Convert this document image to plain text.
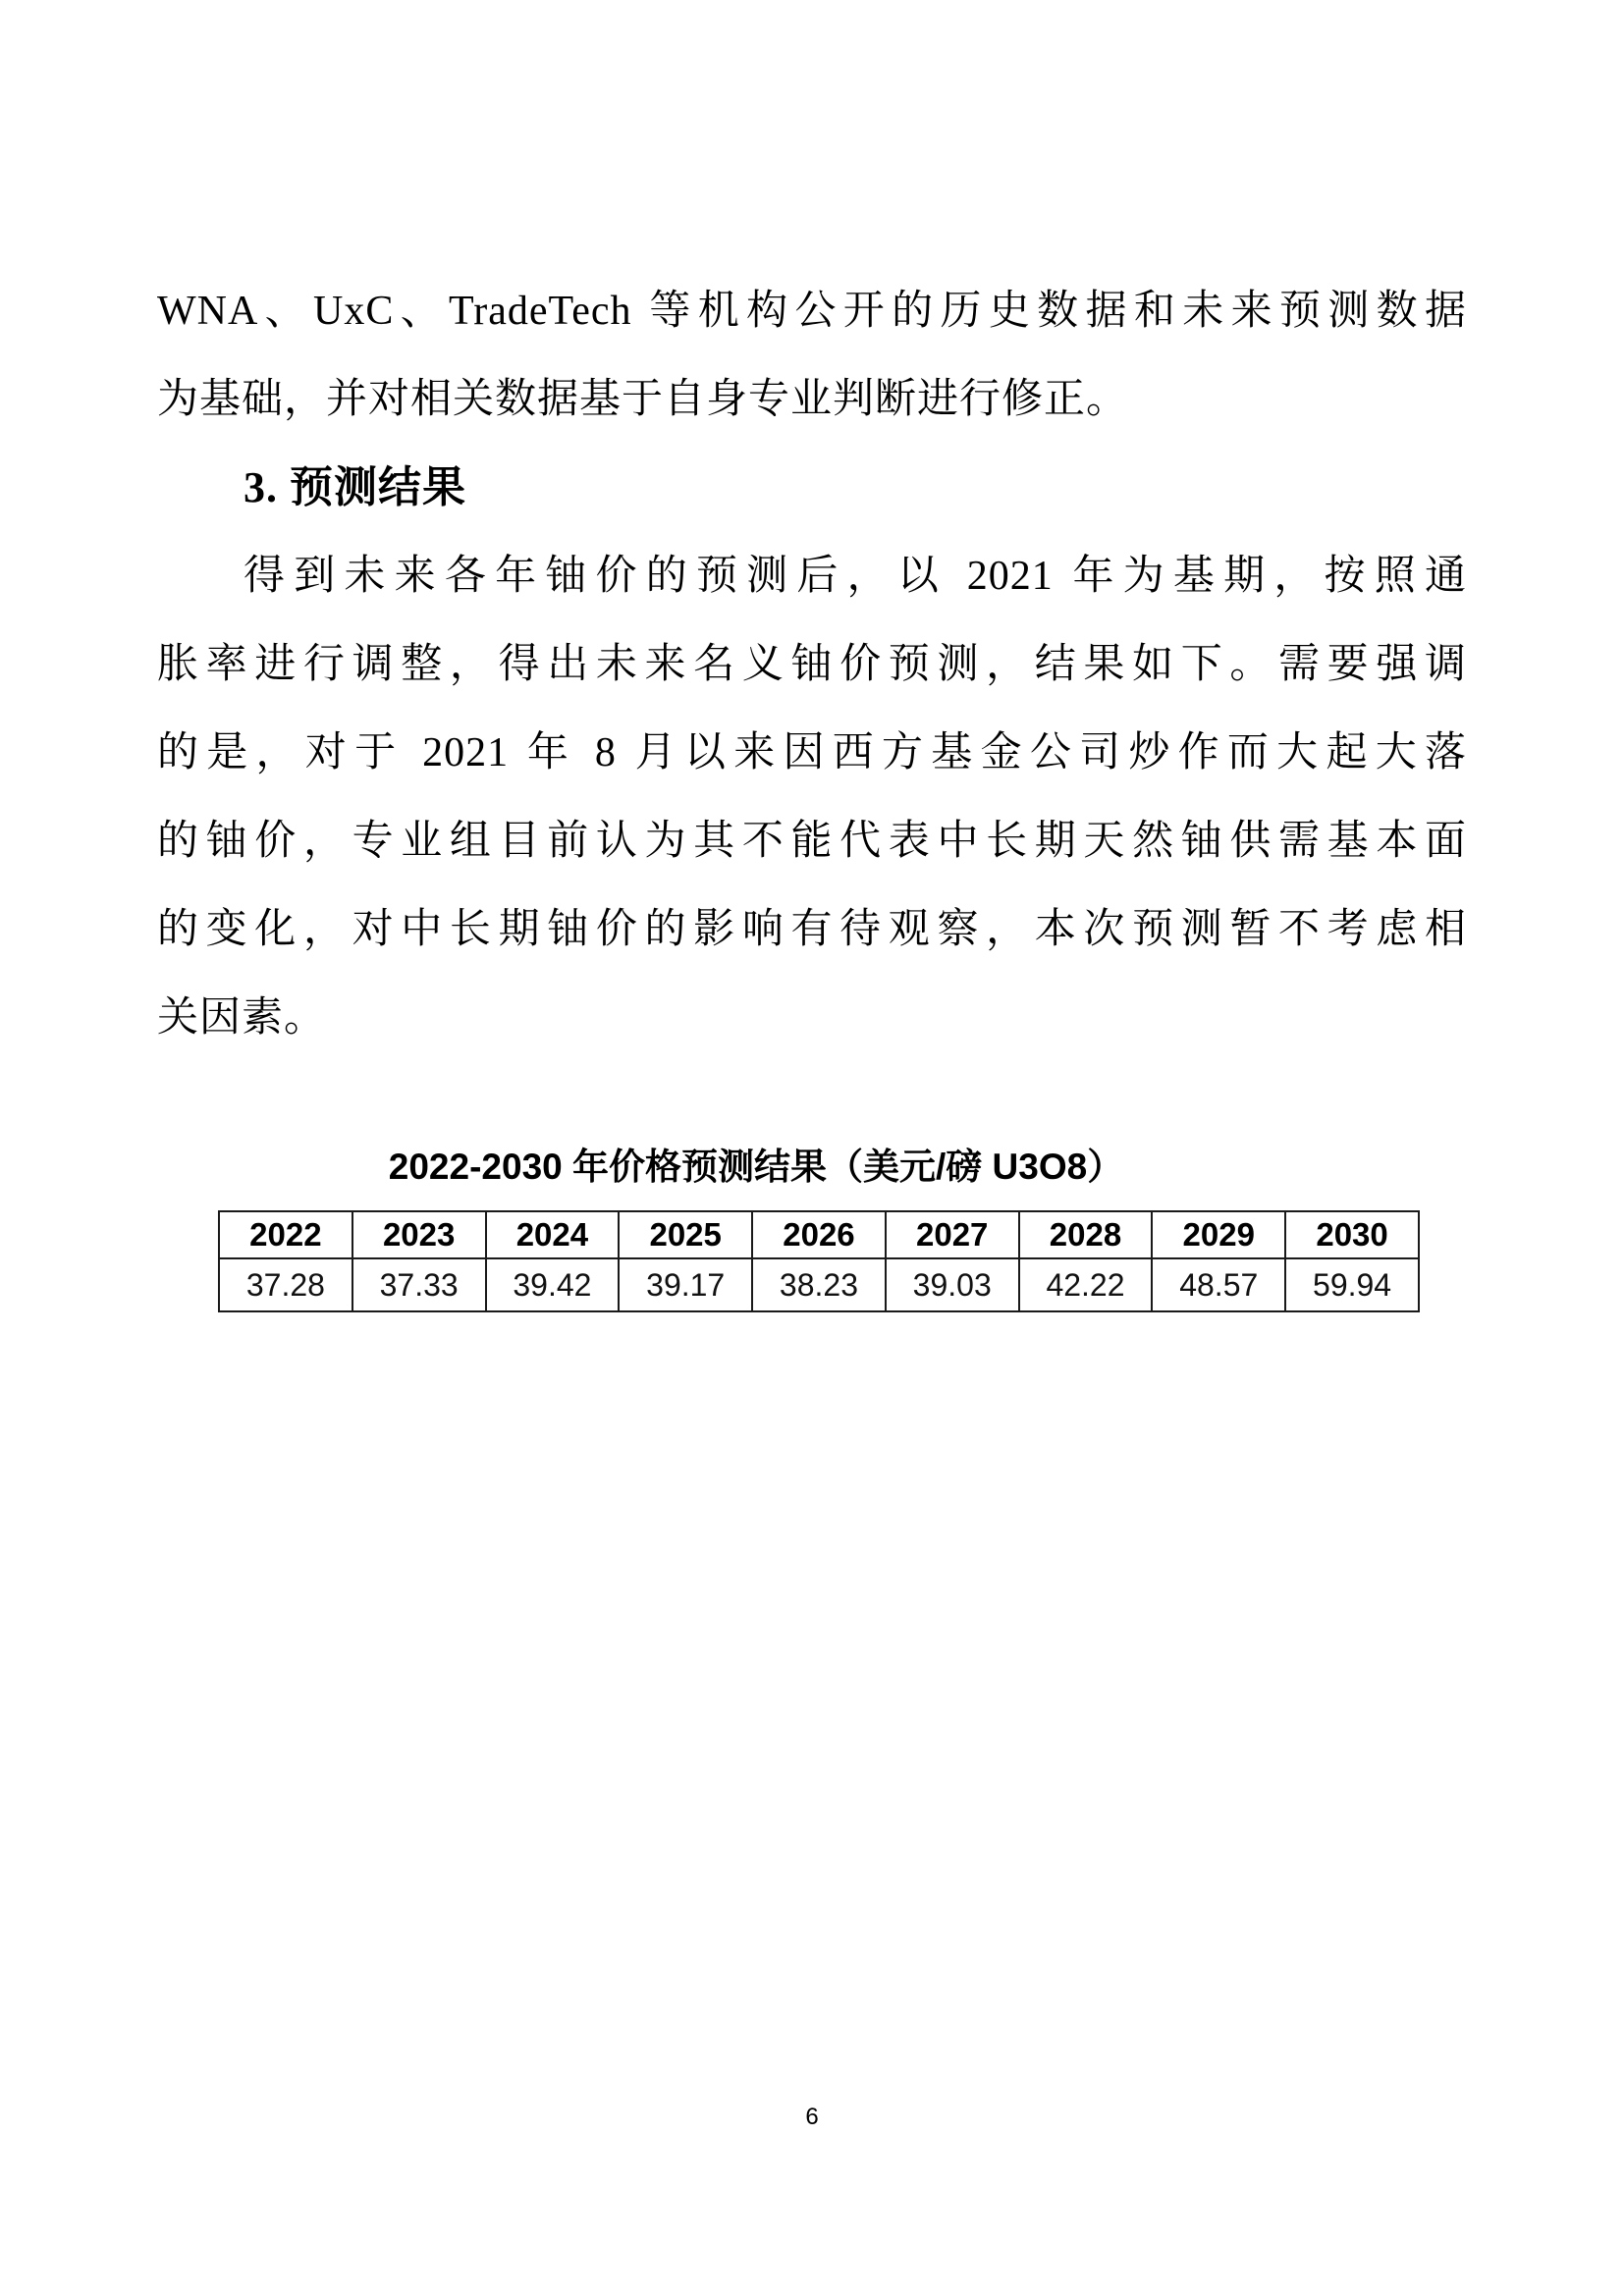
WNA、UxC、TradeTech 等机构公开的历史数据和未来预测数据
为基础，并对相关数据基于自身专业判断进行修正。
3. 预测结果
得到未来各年铀价的预测后，以 2021 年为基期，按照通
胀率进行调整，得出未来名义铀价预测，结果如下。需要强调
的是，对于 2021 年 8 月以来因西方基金公司炒作而大起大落
的铀价，专业组目前认为其不能代表中长期天然铀供需基本面
的变化，对中长期铀价的影响有待观察，本次预测暂不考虑相
关因素。
2022-2030 年价格预测结果（美元/磅 U3O8）
2022	2023	2024	2025	2026	2027	2028	2029	2030
37.28	37.33	39.42	39.17	38.23	39.03	42.22	48.57	59.94
6
